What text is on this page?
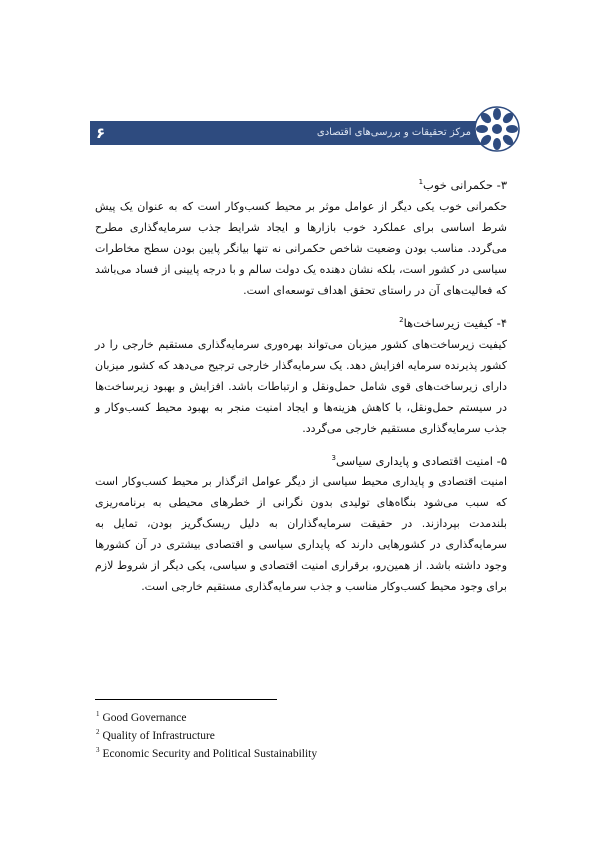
۶	مرکز تحقیقات و بررسی‌های اقتصادی
۳- حکمرانی خوب$^1$

حکمرانی خوب یکی دیگر از عوامل موثر بر محیط کسب‌وکار است که به عنوان یک پیش شرط اساسی برای عملکرد خوب بازارها و ایجاد شرایط جذب سرمایه‌گذاری مطرح می‌گردد. مناسب بودن وضعیت شاخص حکمرانی نه تنها بیانگر پایین بودن سطح مخاطرات سیاسی در کشور است، بلکه نشان دهنده یک دولت سالم و با درجه پایینی از فساد می‌باشد که فعالیت‌های آن در راستای تحقق اهداف توسعه‌ای است.

۴- کیفیت زیرساخت‌ها$^2$

کیفیت زیرساخت‌های کشور میزبان می‌تواند بهره‌وری سرمایه‌گذاری مستقیم خارجی را در کشور پذیرنده سرمایه افزایش دهد. یک سرمایه‌گذار خارجی ترجیح می‌دهد که کشور میزبان دارای زیرساخت‌های قوی شامل حمل‌ونقل و ارتباطات باشد. افزایش و بهبود زیرساخت‌ها در سیستم حمل‌ونقل، با کاهش هزینه‌ها و ایجاد امنیت منجر به بهبود محیط کسب‌وکار و جذب سرمایه‌گذاری مستقیم خارجی می‌گردد.

۵- امنیت اقتصادی و پایداری سیاسی$^3$

امنیت اقتصادی و پایداری محیط سیاسی از دیگر عوامل اثرگذار بر محیط کسب‌وکار است که سبب می‌شود بنگاه‌های تولیدی بدون نگرانی از خطرهای محیطی به برنامه‌ریزی بلندمدت بپردازند. در حقیقت سرمایه‌گذاران به دلیل ریسک‌گریز بودن، تمایل به سرمایه‌گذاری در کشورهایی دارند که پایداری سیاسی و اقتصادی بیشتری در آن کشورها وجود داشته باشد. از همین‌رو، برقراری امنیت اقتصادی و سیاسی، یکی دیگر از شروط لازم برای وجود محیط کسب‌وکار مناسب و جذب سرمایه‌گذاری مستقیم خارجی است.

$^1$ Good Governance
$^2$ Quality of Infrastructure
$^3$ Economic Security and Political Sustainability
